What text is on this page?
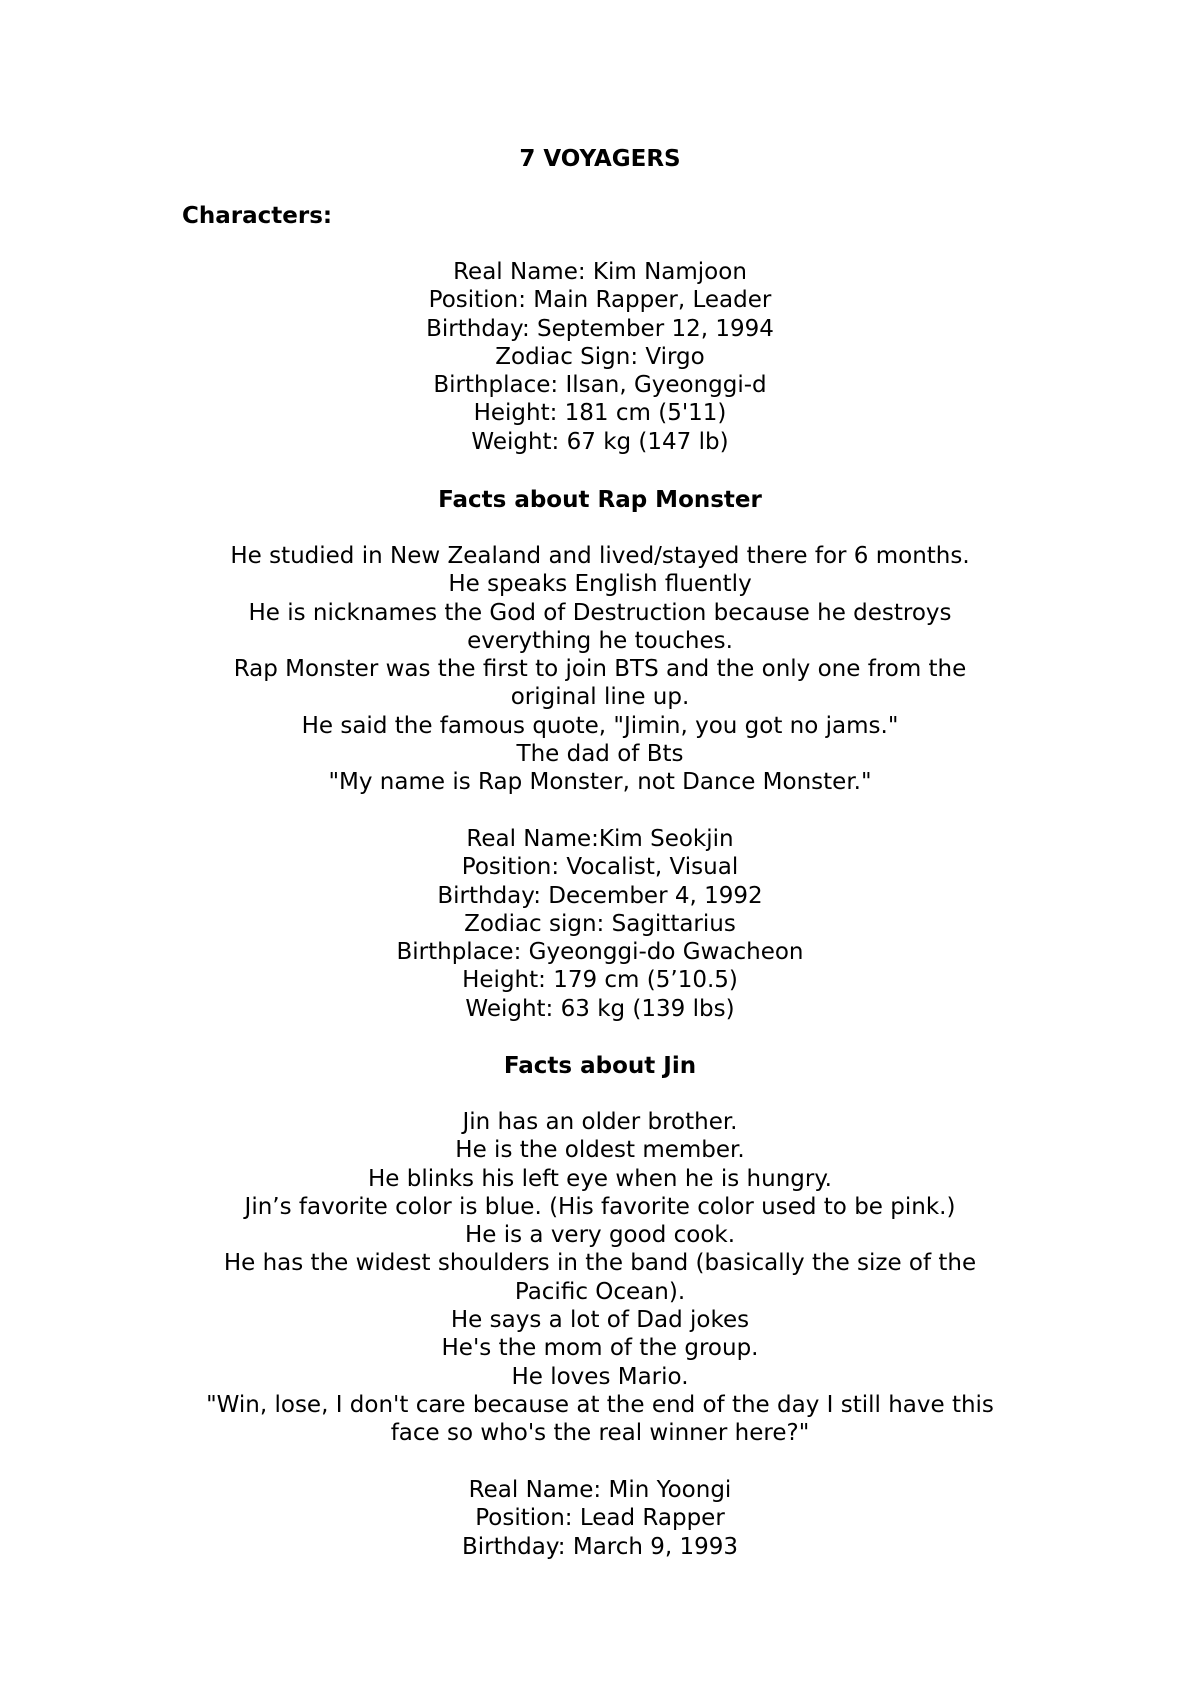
7 VOYAGERS
Characters:
Real Name: Kim Namjoon
Position: Main Rapper, Leader
Birthday: September 12, 1994
Zodiac Sign: Virgo
Birthplace: Ilsan, Gyeonggi-d
Height: 181 cm (5'11)
Weight: 67 kg (147 lb)
Facts about Rap Monster
He studied in New Zealand and lived/stayed there for 6 months.
He speaks English fluently
He is nicknames the God of Destruction because he destroys
everything he touches.
Rap Monster was the first to join BTS and the only one from the
original line up.
He said the famous quote, "Jimin, you got no jams."
The dad of Bts
"My name is Rap Monster, not Dance Monster."
Real Name:Kim Seokjin
Position: Vocalist, Visual
Birthday: December 4, 1992
Zodiac sign: Sagittarius
Birthplace: Gyeonggi-do Gwacheon
Height: 179 cm (5’10.5)
Weight: 63 kg (139 lbs)
Facts about Jin
Jin has an older brother.
He is the oldest member.
He blinks his left eye when he is hungry.
Jin’s favorite color is blue. (His favorite color used to be pink.)
He is a very good cook.
He has the widest shoulders in the band (basically the size of the
Pacific Ocean).
He says a lot of Dad jokes
He's the mom of the group.
He loves Mario.
"Win, lose, I don't care because at the end of the day I still have this
face so who's the real winner here?"
Real Name: Min Yoongi
Position: Lead Rapper
Birthday: March 9, 1993
